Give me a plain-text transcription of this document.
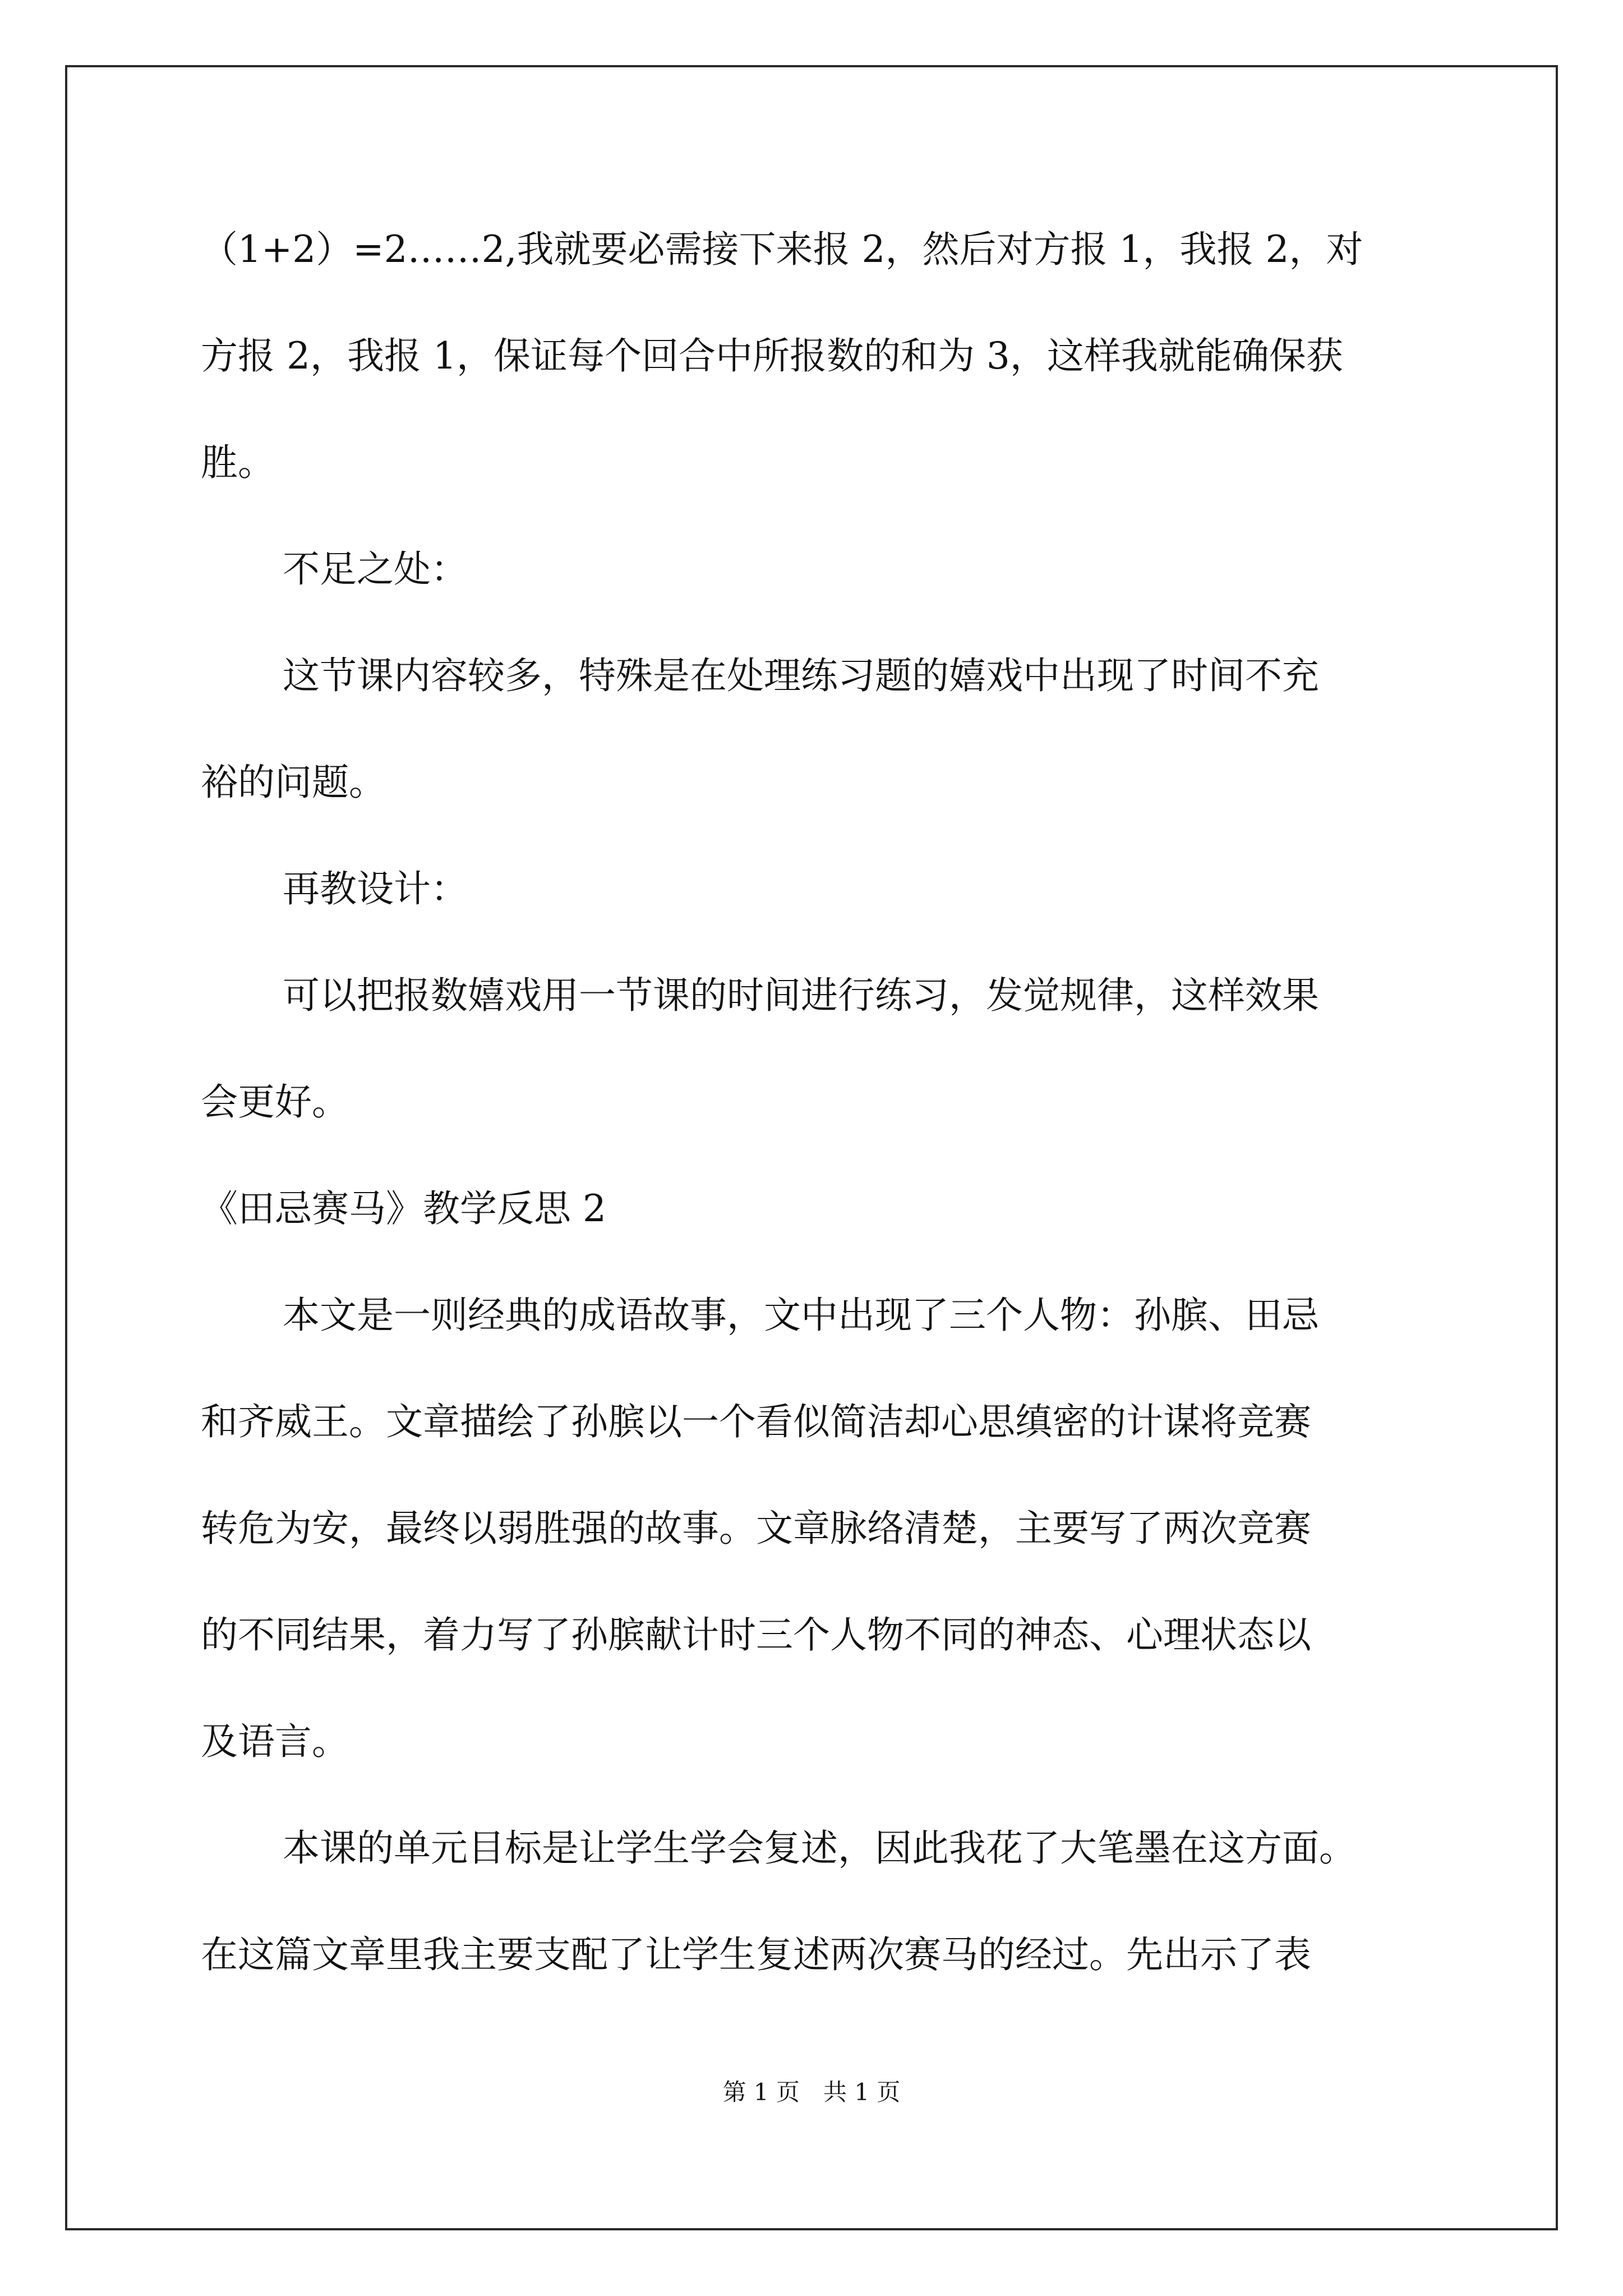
（1+2）=2……2,我就要必需接下来报 2，然后对方报 1，我报 2，对
方报 2，我报 1，保证每个回合中所报数的和为 3，这样我就能确保获
胜。
不足之处：
这节课内容较多，特殊是在处理练习题的嬉戏中出现了时间不充
裕的问题。
再教设计：
可以把报数嬉戏用一节课的时间进行练习，发觉规律，这样效果
会更好。
《田忌赛马》教学反思 2
本文是一则经典的成语故事，文中出现了三个人物：孙膑、田忌
和齐威王。文章描绘了孙膑以一个看似简洁却心思缜密的计谋将竞赛
转危为安，最终以弱胜强的故事。文章脉络清楚，主要写了两次竞赛
的不同结果，着力写了孙膑献计时三个人物不同的神态、心理状态以
及语言。
本课的单元目标是让学生学会复述，因此我花了大笔墨在这方面。
在这篇文章里我主要支配了让学生复述两次赛马的经过。先出示了表
第 1 页　共 1 页
